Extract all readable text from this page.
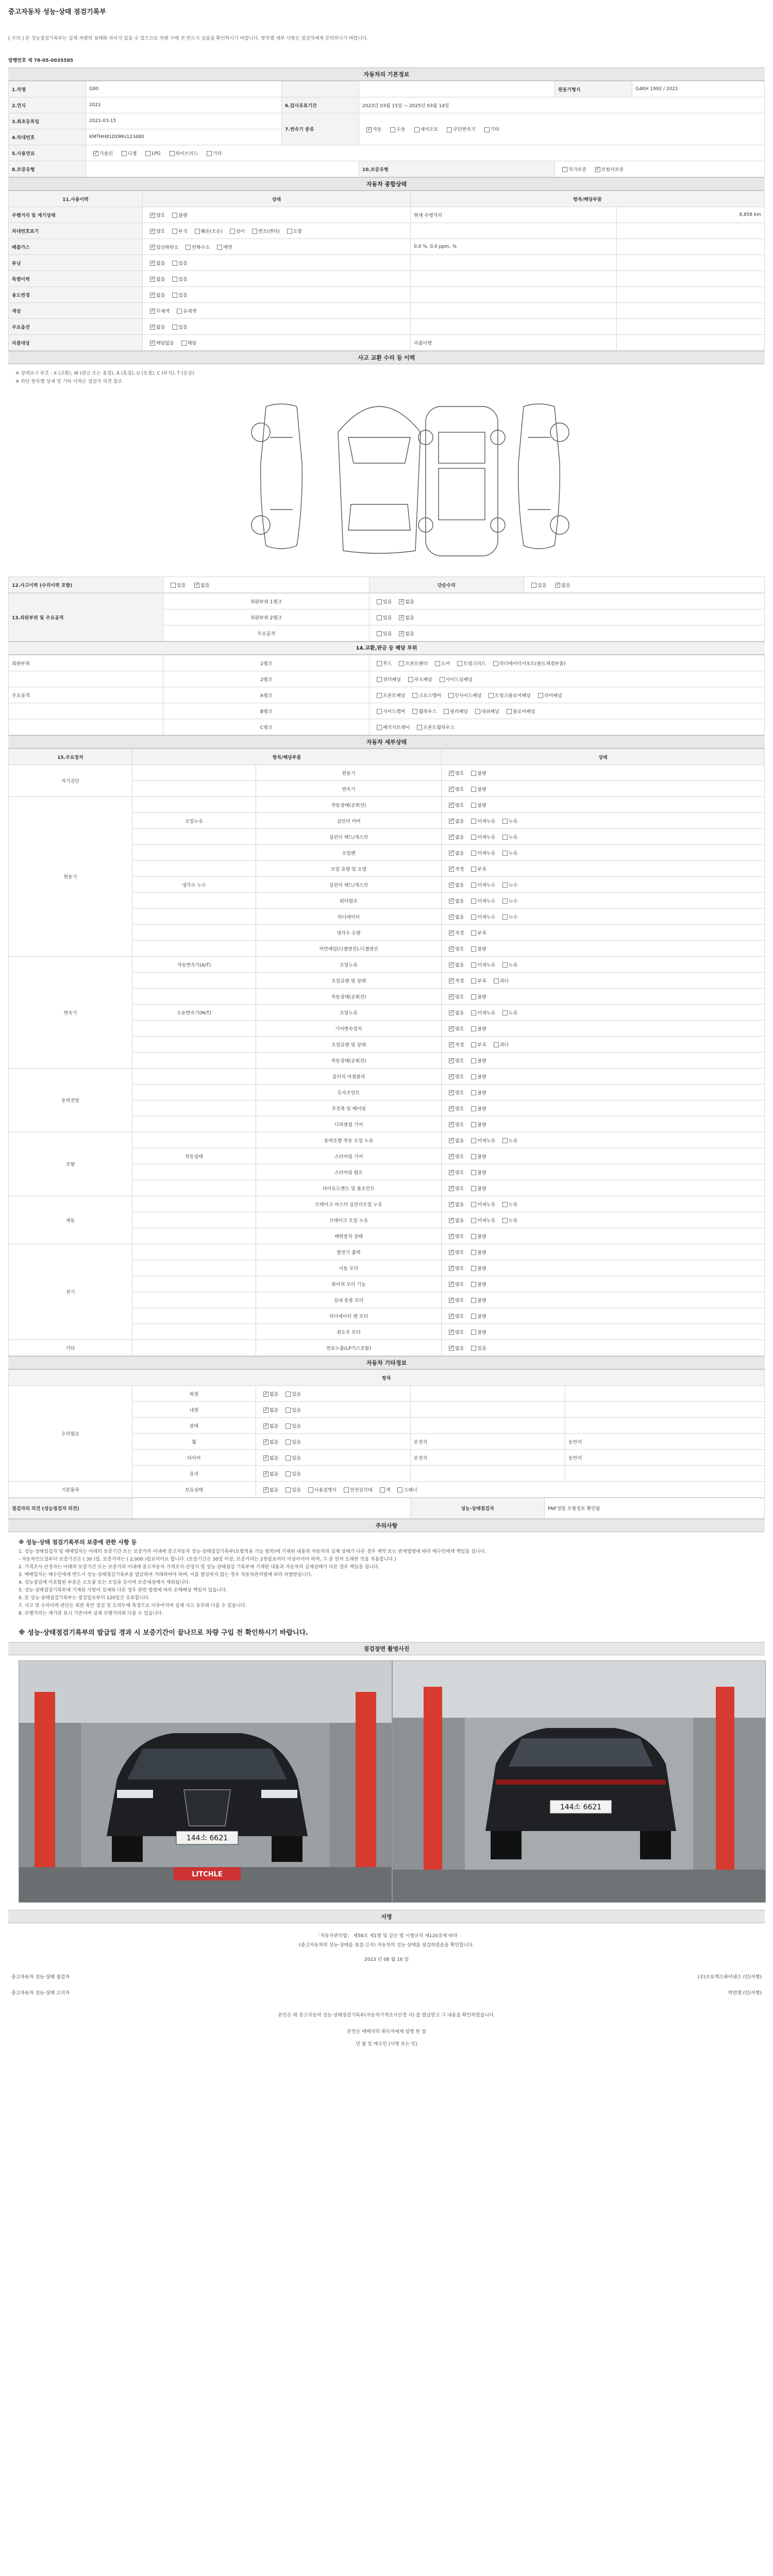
중고자동차 성능·상태 점검기록부
[ 주의 ] 본 성능점검기록부는 실제 차량의 상태와 차이가 있을 수 있으므로 차량 구매 전 반드시 실물을 확인하시기 바랍니다. 항목별 세부 사항은 점검자에게 문의하시기 바랍니다.
발행번호 제 78-05-0035585
자동차의 기본정보
1.차명	G80			원동기형식	G4KH 1992 / 2021
2.연식	2021	6.검사유효기간	2023년 03월 15일 ~ 2025년 03월 14일		
3.최초등록일	2021-03-15	7.변속기 종류	✓자동 수동 세미오토 무단변속기 기타
4.차대번호	KMTHH81DDMU123480				
5.사용연료	✓가솔린 디젤 LPG 하이브리드 기타
8.보증유형			10.보증유형	자가보증 ✓ 보험사보증
자동차 종합상태
11.사용이력	상태	항목/해당부품	
주행거리 및 계기상태	✓양호 불량	현재 주행거리	8,858 km
차대번호표기	✓양호 부식 훼손(오손) 상이 변조(변타) 도말		
배출가스	✓일산화탄소 탄화수소 매연	0.0 %, 0.0 ppm, %	
튜닝	✓없음 있음		
특별이력	✓없음 있음		
용도변경	✓없음 있음		
색상	✓무채색 유채색		
주요옵션	✓없음 있음		
리콜대상	✓해당없음 해당	리콜이행	
사고 교환 수리 등 이력
※ 상태표시 부호 : X (교환), W (판금 또는 용접), A (흠집), U (요철), C (부식), T (손상)
※ 하단 항목별 상세 및 기타 이력은 점검자 의견 참조
12.사고이력 (수리이력 포함)	있음 ✓	없음	단순수리	있음 ✓	없음
13.외판부위 및 주요골격	외판부위 1랭크	있음 ✓ 없음
	외판부위 2랭크	있음 ✓ 없음
	주요골격	있음 ✓ 없음
14.교환,판금 등 해당 부위
외판부위	1랭크	후드 프론트펜더 도어 트렁크리드 라디에이터서포트(볼트체결부품)
	2랭크	쿼터패널 루프패널 사이드실패널
주요골격	A랭크	프론트패널 크로스멤버 인사이드패널 트렁크플로어패널 리어패널
	B랭크	사이드멤버 휠하우스 필러패널 대쉬패널 플로어패널
	C랭크	패키지트레이 프론트휠하우스
자동차 세부상태
15.주요장치	항목/해당부품		상태
자기진단		원동기	✓양호 불량
		변속기	✓양호 불량
원동기		작동상태(공회전)	✓양호 불량
	오일누유	실린더 커버	✓없음 미세누유 누유
		실린더 헤드/개스킷	✓없음 미세누유 누유
		오일팬	✓없음 미세누유 누유
		오일 유량 및 오염	✓적정 부족
	냉각수 누수	실린더 헤드/개스킷	✓없음 미세누수 누수
		워터펌프	✓없음 미세누수 누수
		라디에이터	✓없음 미세누수 누수
		냉각수 수량	✓적정 부족
		커먼레일(디젤엔진)-디젤엔진	✓양호 불량
변속기	자동변속기(A/T)	오일누유	✓없음 미세누유 누유
		오일유량 및 상태	✓적정 부족 과다
		작동상태(공회전)	✓양호 불량
	수동변속기(M/T)	오일누유	✓없음 미세누유 누유
		기어변속장치	✓양호 불량
		오일유량 및 상태	✓적정 부족 과다
		작동상태(공회전)	✓양호 불량
동력전달		클러치 어셈블리	✓양호 불량
		등속조인트	✓양호 불량
		추진축 및 베어링	✓양호 불량
		디퍼렌셜 기어	✓양호 불량
조향		동력조향 작동 오일 누유	✓없음 미세누유 누유
	작동상태	스티어링 기어	✓양호 불량
		스티어링 펌프	✓양호 불량
		타이로드엔드 및 볼조인트	✓양호 불량
제동		브레이크 마스터 실린더오일 누유	✓없음 미세누유 누유
		브레이크 오일 누유	✓없음 미세누유 누유
		배력장치 상태	✓양호 불량
전기		발전기 출력	✓양호 불량
		시동 모터	✓양호 불량
		와이퍼 모터 기능	✓양호 불량
		실내 송풍 모터	✓양호 불량
		라디에이터 팬 모터	✓양호 불량
		윈도우 모터	✓양호 불량
기타		연료누출(LP가스포함)	✓없음 있음
자동차 기타정보
항목				
수리필요	외장	✓없음 있음		
	내장	✓없음 있음		
	광택	✓없음 있음		
	휠	✓없음 있음	운전석	동반석
	타이어	✓없음 있음	운전석	동반석
	유리	✓없음 있음		
기본품목	보유상태	✓없음 있음 사용설명서 안전삼각대 잭 스패너
점검자의 의견 (성능점검자 의견)		성능·상태점검자	PNF정밀 모형정보 확인됨
주의사항
※ 성능·상태 점검기록부의 보증에 관한 사항 등
1. 성능·상태점검자 및 매매업자는 아래의 보증기간 또는 보증거리 이내에 중고자동차 성능·상태점검기록부(보험적용 가능 항목)에 기재된 내용과 자동차의 실제 상태가 다른 경우 계약 또는 관계법령에 따라 매수인에게 책임을 집니다.
- 자동차인도일부터 보증기간은 ( 30 )일, 보증거리는 ( 2,000 )킬로미터로 합니다. (보증기간은 30일 이상, 보증거리는 2천킬로미터 이상이어야 하며, 그 중 먼저 도래한 것을 적용합니다.)
2. 가격조사·산정자는 아래의 보증기간 또는 보증거리 이내에 중고자동차 가격조사·산정서 및 성능·상태점검 기록부에 기재된 내용과 자동차의 실제상태가 다른 경우 책임을 집니다.
3. 매매업자는 매수인에게 반드시 성능·상태점검기록부를 발급하여 거래하여야 하며, 이를 발급하지 않는 경우 자동차관리법에 따라 처벌받습니다.
4. 성능점검에 미포함된 부분은 소모품 또는 오일류 등이며 보증대상에서 제외됩니다.
5. 성능·상태점검기록부에 기재된 사항이 실제와 다른 경우 관련 법령에 따라 손해배상 책임이 있습니다.
6. 본 성능·상태점검기록부는 점검일로부터 120일간 유효합니다.
7. 사고 및 수리이력 판단은 외관 육안 점검 및 도막두께 측정으로 이루어지며 실제 사고 유무와 다를 수 있습니다.
8. 주행거리는 계기판 표시 기준이며 실제 주행거리와 다를 수 있습니다.
※ 성능·상태점검기록부의 발급일 경과 시 보증기간이 끝나므로 차량 구입 전 확인하시기 바랍니다.
점검장면 촬영사진
144소 6621
LITCHLE
144소 6621
서명
「자동차관리법」 제58조 제1항 및 같은 법 시행규칙 제120조에 따라
(중고자동차의 성능·상태를 점검·고지) 자동차의 성능·상태를 점검하였음을 확인합니다.
2023 년 08 월 16 일
중고자동차 성능·상태 점검자	(주)오토맥스파이낸스 (인/서명)
중고자동차 성능·상태 고지자	박민영 (인/서명)
본인은 위 중고자동차 성능·상태점검기록부(자동차가격조사산정 서) 를 발급받고 그 내용을 확인하였습니다.
본인은 매매자의 취득자에게 설명 한 점
년 월 일 매수인 (서명 또는 인)
